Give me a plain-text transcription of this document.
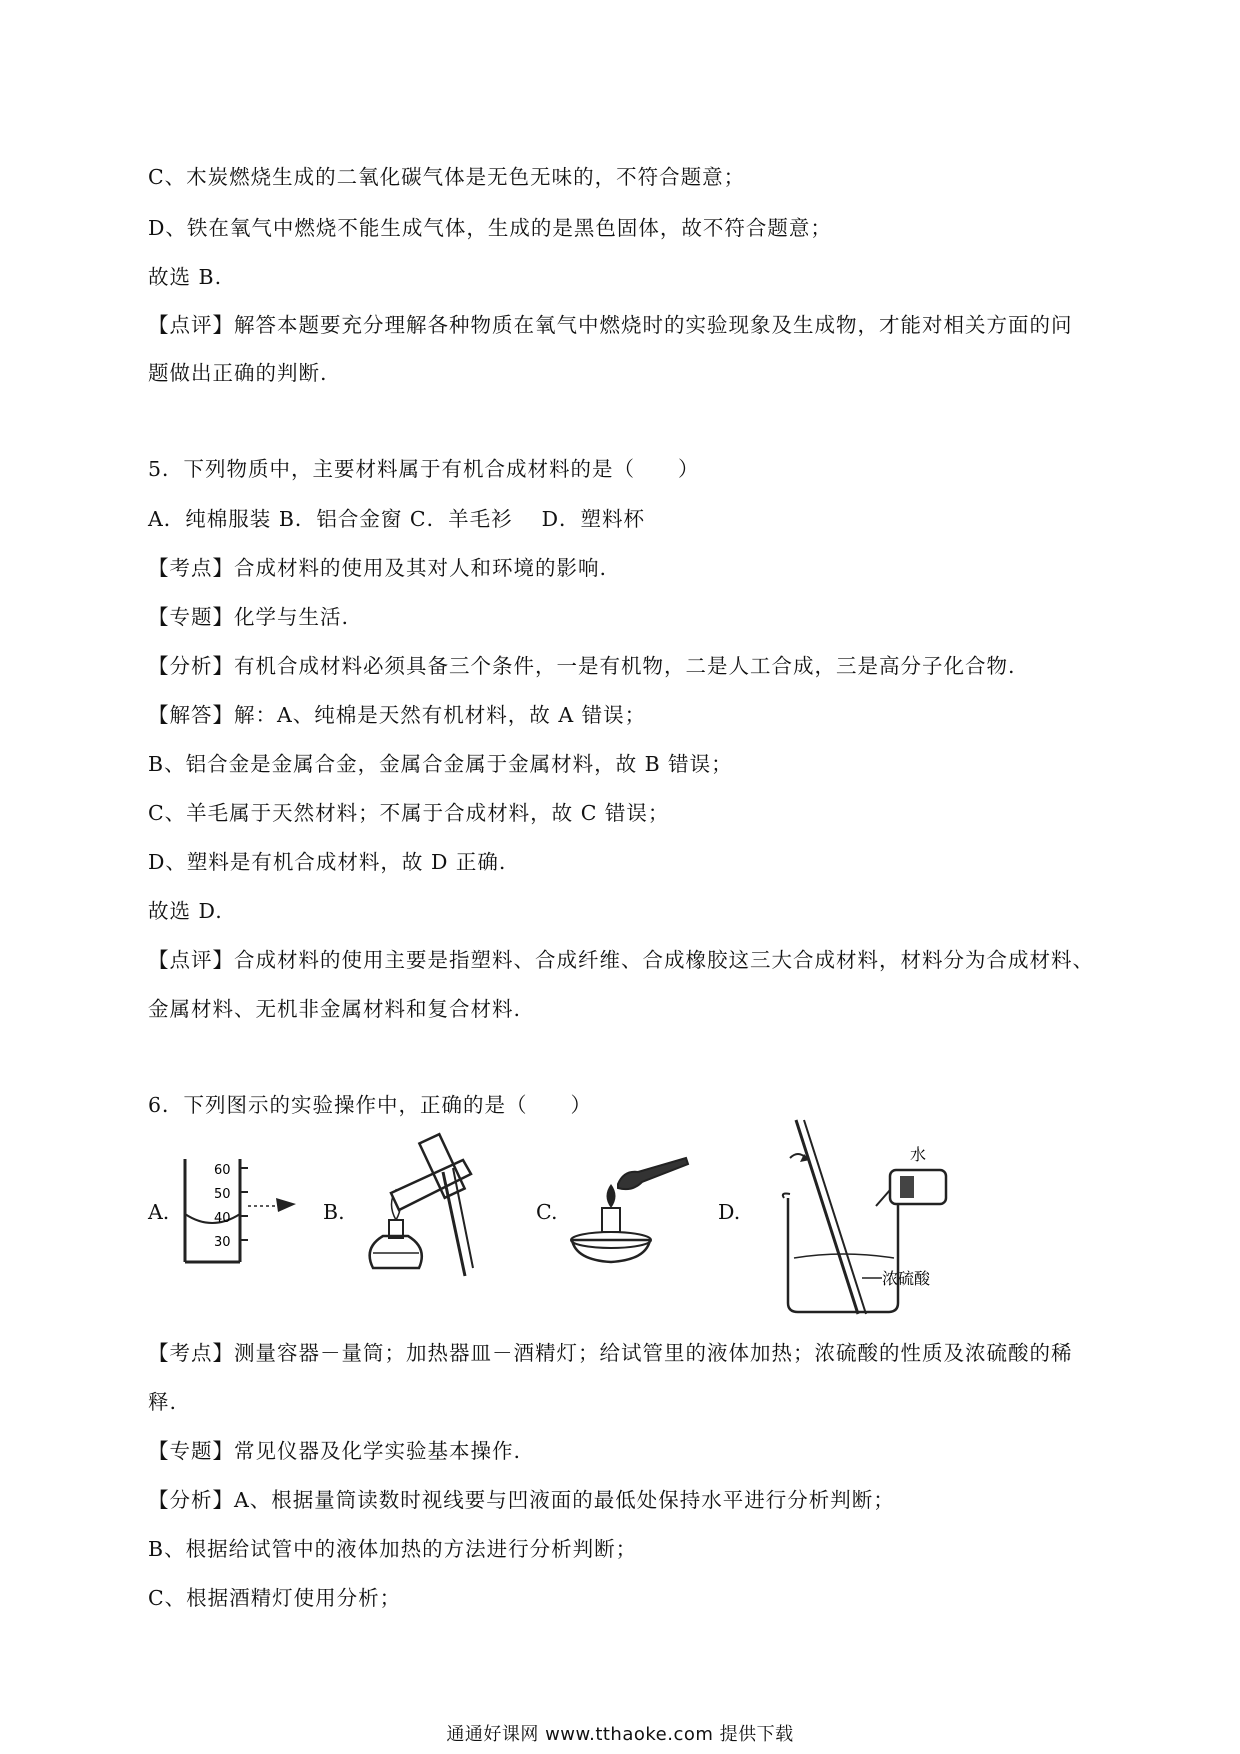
C、木炭燃烧生成的二氧化碳气体是无色无味的，不符合题意；
D、铁在氧气中燃烧不能生成气体，生成的是黑色固体，故不符合题意；
故选 B.
【点评】解答本题要充分理解各种物质在氧气中燃烧时的实验现象及生成物，才能对相关方面的问
题做出正确的判断.
5．下列物质中，主要材料属于有机合成材料的是（　　）
A．纯棉服装 B．铝合金窗 C．羊毛衫　 D．塑料杯
【考点】合成材料的使用及其对人和环境的影响.
【专题】化学与生活.
【分析】有机合成材料必须具备三个条件，一是有机物，二是人工合成，三是高分子化合物.
【解答】解：A、纯棉是天然有机材料，故 A 错误；
B、铝合金是金属合金，金属合金属于金属材料，故 B 错误；
C、羊毛属于天然材料；不属于合成材料，故 C 错误；
D、塑料是有机合成材料，故 D 正确.
故选 D.
【点评】合成材料的使用主要是指塑料、合成纤维、合成橡胶这三大合成材料，材料分为合成材料、
金属材料、无机非金属材料和复合材料.
6．下列图示的实验操作中，正确的是（　　）
A.
60
50
40
30
B.	C.	D.
水
浓硫酸
【考点】测量容器－量筒；加热器皿－酒精灯；给试管里的液体加热；浓硫酸的性质及浓硫酸的稀
释.
【专题】常见仪器及化学实验基本操作.
【分析】A、根据量筒读数时视线要与凹液面的最低处保持水平进行分析判断；
B、根据给试管中的液体加热的方法进行分析判断；
C、根据酒精灯使用分析；
通通好课网 www.tthaoke.com 提供下载
